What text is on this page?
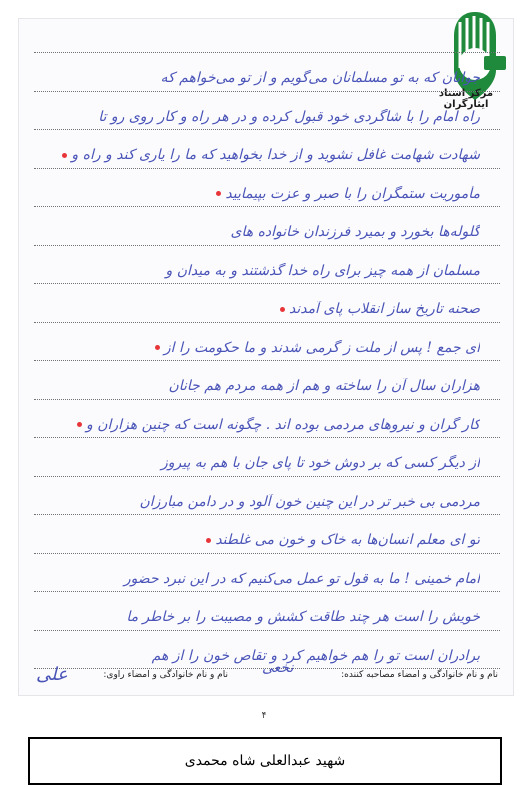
مرکز اسناد ایثارگران
جوانان که به تو مسلمانان می‌گویم و از تو می‌خواهم که
راه امام را با شاگردی خود قبول کرده و در هر راه و کار روی رو تا
شهادت شهامت غافل نشوید و از خدا بخواهید که ما را یاری کند و راه و
مأموریت ستمگران را با صبر و عزت بپیمایید
گلوله‌ها بخورد و بمیرد فرزندان خانواده های
مسلمان از همه چیز برای راه خدا گذشتند و به میدان و
صحنه تاریخ ساز انقلاب پای آمدند
ای جمع ! پس از ملت ز گرمی شدند و ما حکومت را از
هزاران سال آن را ساخته و هم از همه مردم هم جانان
کار گران و نیروهای مردمی بوده اند . چگونه است که چنین هزاران و
از دیگر کسی که بر دوش خود تا پای جان با هم به پیروز
مردمی بی خبر تر در این چنین خون آلود و در دامن مبارزان
تو ای معلم انسان‌ها به خاک و خون می غلطند
امام خمینی ! ما به قول تو عمل می‌کنیم که در این نبرد حضور
خویش را است هر چند طاقت کشش و مصیبت را بر خاطر ما
برادران است تو را هم خواهیم کرد و تقاص خون را از هم
نام و نام خانوادگی و امضاء مصاحبه کننده:
نام و نام خانوادگی و امضاء راوی: نخعی
علی
۴
شهید عبدالعلی شاه محمدی
